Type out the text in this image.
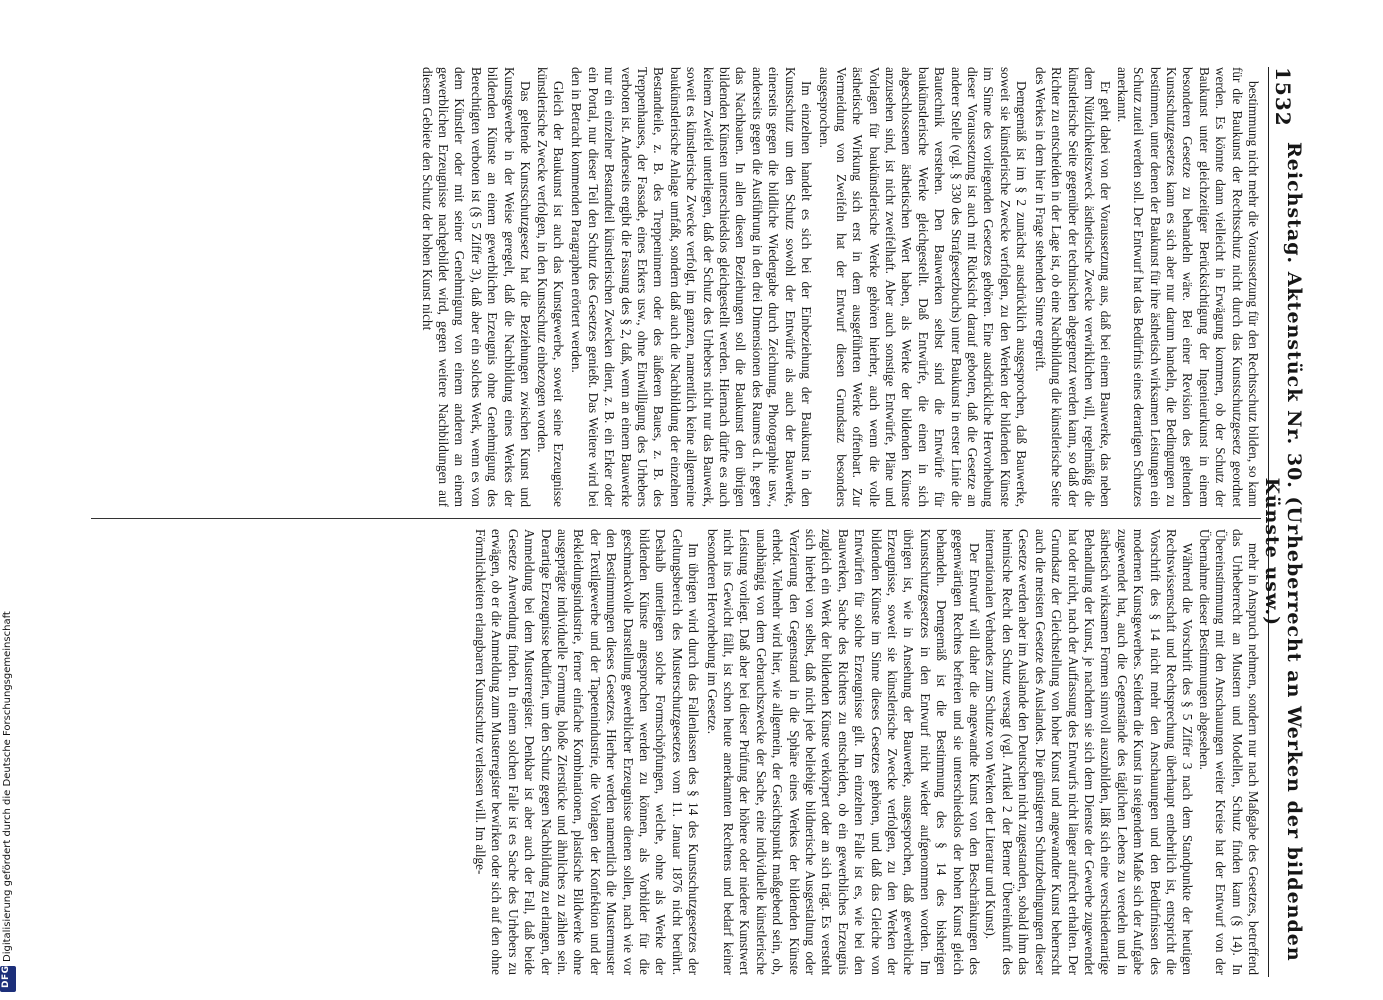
Digitalisierung gefördert durch die Deutsche Forschungsgemeinschaft
DFG
1532
Reichstag. Aktenstück Nr. 30. (Urheberrecht an Werken der bildenden Künste usw.)

bestimmung nicht mehr die Voraussetzung für den Rechtsschutz bilden, so kann für die Baukunst der Rechtsschutz nicht durch das Kunstschutzgesetz geordnet werden. Es könnte dann vielleicht in Erwägung kommen, ob der Schutz der Baukunst unter gleichzeitiger Berücksichtigung der Ingenieurkunst in einem besonderen Gesetze zu behandeln wäre. Bei einer Revision des geltenden Kunstschutzgesetzes kann es sich aber nur darum handeln, die Bedingungen zu bestimmen, unter denen der Baukunst für ihre ästhetisch wirksamen Leistungen ein Schutz zuteil werden soll. Der Entwurf hat das Bedürfnis eines derartigen Schutzes anerkannt.

Er geht dabei von der Voraussetzung aus, daß bei einem Bauwerke, das neben dem Nützlichkeitszweck ästhetische Zwecke verwirklichen will, regelmäßig die künstlerische Seite gegenüber der technischen abgegrenzt werden kann, so daß der Richter zu entscheiden in der Lage ist, ob eine Nachbildung die künstlerische Seite des Werkes in dem hier in Frage stehenden Sinne ergreift.

Demgemäß ist im § 2 zunächst ausdrücklich ausgesprochen, daß Bauwerke, soweit sie künstlerische Zwecke verfolgen, zu den Werken der bildenden Künste im Sinne des vorliegenden Gesetzes gehören. Eine ausdrückliche Hervorhebung dieser Voraussetzung ist auch mit Rücksicht darauf geboten, daß die Gesetze an anderer Stelle (vgl. § 330 des Strafgesetzbuchs) unter Baukunst in erster Linie die Bautechnik verstehen. Den Bauwerken selbst sind die Entwürfe für baukünstlerische Werke gleichgestellt. Daß Entwürfe, die einen in sich abgeschlossenen ästhetischen Wert haben, als Werke der bildenden Künste anzusehen sind, ist nicht zweifelhaft. Aber auch sonstige Entwürfe, Pläne und Vorlagen für baukünstlerische Werke gehören hierher, auch wenn die volle ästhetische Wirkung sich erst in dem ausgeführten Werke offenbart. Zur Vermeidung von Zweifeln hat der Entwurf diesen Grundsatz besonders ausgesprochen.

Im einzelnen handelt es sich bei der Einbeziehung der Baukunst in den Kunstschutz um den Schutz sowohl der Entwürfe als auch der Bauwerke, einerseits gegen die bildliche Wiedergabe durch Zeichnung, Photographie usw., anderseits gegen die Ausführung in den drei Dimensionen des Raumes d. h. gegen das Nachbauen. In allen diesen Beziehungen soll die Baukunst den übrigen bildenden Künsten unterschiedslos gleichgestellt werden. Hiernach dürfte es auch keinem Zweifel unterliegen, daß der Schutz des Urhebers nicht nur das Bauwerk, soweit es künstlerische Zwecke verfolgt, im ganzen, namentlich keine allgemeine baukünstlerische Anlage umfaßt, sondern daß auch die Nachbildung der einzelnen Bestandteile, z. B. des Treppeninnern oder des äußeren Baues, z. B. des Treppenhauses, der Fassade, eines Erkers usw., ohne Einwilligung des Urhebers verboten ist. Anderseits ergibt die Fassung des § 2, daß, wenn an einem Bauwerke nur ein einzelner Bestandteil künstlerischen Zwecken dient, z. B. ein Erker oder ein Portal, nur dieser Teil den Schutz des Gesetzes genießt. Das Weitere wird bei den in Betracht kommenden Paragraphen erörtert werden.

Gleich der Baukunst ist auch das Kunstgewerbe, soweit seine Erzeugnisse künstlerische Zwecke verfolgen, in den Kunstschutz einbezogen worden.

Das geltende Kunstschutzgesetz hat die Beziehungen zwischen Kunst und Kunstgewerbe in der Weise geregelt, daß die Nachbildung eines Werkes der bildenden Künste an einem gewerblichen Erzeugnis ohne Genehmigung des Berechtigten verboten ist (§ 5 Ziffer 3), daß aber ein solches Werk, wenn es von dem Künstler oder mit seiner Genehmigung von einem anderen an einem gewerblichen Erzeugnisse nachgebildet wird, gegen weitere Nachbildungen auf diesem Gebiete den Schutz der hohen Kunst nicht

mehr in Anspruch nehmen, sondern nur nach Maßgabe des Gesetzes, betreffend das Urheberrecht an Mustern und Modellen, Schutz finden kann (§ 14). In Übereinstimmung mit den Anschauungen weiter Kreise hat der Entwurf von der Übernahme dieser Bestimmungen abgesehen.

Während die Vorschrift des § 5 Ziffer 3 nach dem Standpunkte der heutigen Rechtswissenschaft und Rechtsprechung überhaupt entbehrlich ist, entspricht die Vorschrift des § 14 nicht mehr den Anschauungen und den Bedürfnissen des modernen Kunstgewerbes. Seitdem die Kunst in steigendem Maße sich der Aufgabe zugewendet hat, auch die Gegenstände des täglichen Lebens zu veredeln und in ästhetisch wirksamen Formen sinnvoll auszubilden, läßt sich eine verschiedenartige Behandlung der Kunst, je nachdem sie sich dem Dienste der Gewerbe zugewendet hat oder nicht, nach der Auffassung des Entwurfs nicht länger aufrecht erhalten. Der Grundsatz der Gleichstellung von hoher Kunst und angewandter Kunst beherrscht auch die meisten Gesetze des Auslandes. Die günstigeren Schutzbedingungen dieser Gesetze werden aber im Auslande den Deutschen nicht zugestanden, sobald ihm das heimische Recht den Schutz versagt (vgl. Artikel 2 der Berner Übereinkunft des internationalen Verbandes zum Schutze von Werken der Literatur und Kunst).

Der Entwurf will daher die angewandte Kunst von den Beschränkungen des gegenwärtigen Rechtes befreien und sie unterschiedslos der hohen Kunst gleich behandeln. Demgemäß ist die Bestimmung des § 14 des bisherigen Kunstschutzgesetzes in den Entwurf nicht wieder aufgenommen worden. Im übrigen ist, wie in Ansehung der Bauwerke, ausgesprochen, daß gewerbliche Erzeugnisse, soweit sie künstlerische Zwecke verfolgen, zu den Werken der bildenden Künste im Sinne dieses Gesetzes gehören, und daß das Gleiche von Entwürfen für solche Erzeugnisse gilt. Im einzelnen Falle ist es, wie bei den Bauwerken, Sache des Richters zu entscheiden, ob ein gewerbliches Erzeugnis zugleich ein Werk der bildenden Künste verkörpert oder an sich trägt. Es versteht sich hierbei von selbst, daß nicht jede beliebige bildnerische Ausgestaltung oder Verzierung den Gegenstand in die Sphäre eines Werkes der bildenden Künste erhebt. Vielmehr wird hier, wie allgemein, der Gesichtspunkt maßgebend sein, ob, unabhängig von dem Gebrauchszwecke der Sache, eine individuelle künstlerische Leistung vorliegt. Daß aber bei dieser Prüfung der höhere oder niedere Kunstwert nicht ins Gewicht fällt, ist schon heute anerkannten Rechtens und bedarf keiner besonderen Hervorhebung im Gesetze.

Im übrigen wird durch das Fallenlassen des § 14 des Kunstschutzgesetzes der Geltungsbereich des Musterschutzgesetzes vom 11. Januar 1876 nicht berührt. Deshalb unterliegen solche Formschöpfungen, welche, ohne als Werke der bildenden Künste angesprochen werden zu können, als Vorbilder für die geschmackvolle Darstellung gewerblicher Erzeugnisse dienen sollen, nach wie vor den Bestimmungen dieses Gesetzes. Hierher werden namentlich die Mustermuster der Textilgewerbe und der Tapetenindustrie, die Vorlagen der Konfektion und der Bekleidungsindustrie, ferner einfache Kombinationen, plastische Bildwerke ohne ausgeprägte individuelle Formung, bloße Zierstücke und ähnliches zu zählen sein. Derartige Erzeugnisse bedürfen, um den Schutz gegen Nachbildung zu erlangen, der Anmeldung bei dem Musterregister. Denkbar ist aber auch der Fall, daß beide Gesetze Anwendung finden. In einem solchen Falle ist es Sache des Urhebers zu erwägen, ob er die Anmeldung zum Musterregister bewirken oder sich auf den ohne Förmlichkeiten erlangbaren Kunstschutz verlassen will. Im allge-
